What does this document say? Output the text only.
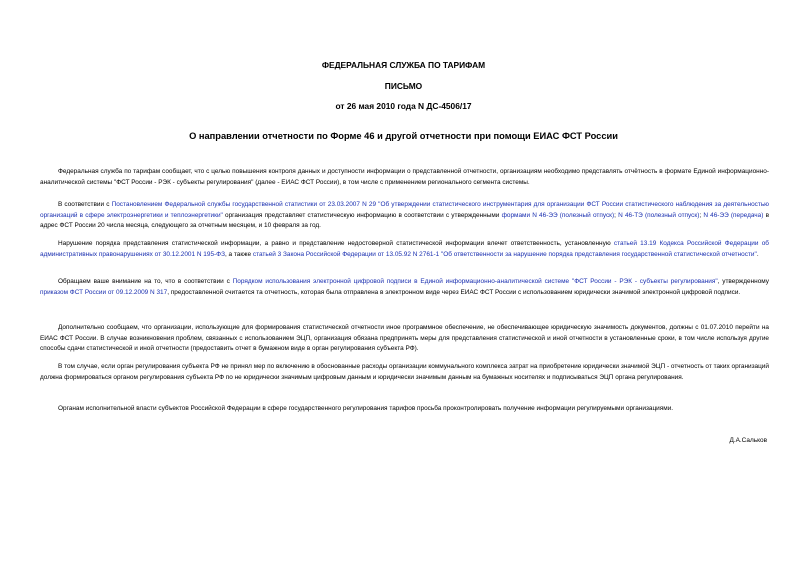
ФЕДЕРАЛЬНАЯ СЛУЖБА ПО ТАРИФАМ
ПИСЬМО
от 26 мая 2010 года N ДС-4506/17
О направлении отчетности по Форме 46 и другой отчетности при помощи ЕИАС ФСТ России

Федеральная служба по тарифам сообщает, что с целью повышения контроля данных и доступности информации о представленной отчетности, организациям необходимо представлять отчётность в формате Единой информационно-аналитической системы "ФСТ России - РЭК - субъекты регулирования" (далее - ЕИАС ФСТ России), в том числе с применением регионального сегмента системы.

В соответствии с Постановлением Федеральной службы государственной статистики от 23.03.2007 N 29 "Об утверждении статистического инструментария для организации ФСТ России статистического наблюдения за деятельностью организаций в сфере электроэнергетики и теплоэнергетики" организация представляет статистическую информацию в соответствии с утвержденными формами N 46-ЭЭ (полезный отпуск); N 46-ТЭ (полезный отпуск); N 46-ЭЭ (передача) в адрес ФСТ России 20 числа месяца, следующего за отчетным месяцем, и 10 февраля за год.

Нарушение порядка представления статистической информации, а равно и представление недостоверной статистической информации влечет ответственность, установленную статьей 13.19 Кодекса Российской Федерации об административных правонарушениях от 30.12.2001 N 195-ФЗ, а также статьей 3 Закона Российской Федерации от 13.05.92 N 2761-1 "Об ответственности за нарушение порядка представления государственной статистической отчетности".

Обращаем ваше внимание на то, что в соответствии с Порядком использования электронной цифровой подписи в Единой информационно-аналитической системе "ФСТ России - РЭК - субъекты регулирования", утвержденному приказом ФСТ России от 09.12.2009 N 317, предоставленной считается та отчетность, которая была отправлена в электронном виде через ЕИАС ФСТ России с использованием юридически значимой электронной цифровой подписи.

Дополнительно сообщаем, что организации, использующие для формирования статистической отчетности иное программное обеспечение, не обеспечивающее юридическую значимость документов, должны с 01.07.2010 перейти на ЕИАС ФСТ России. В случае возникновения проблем, связанных с использованием ЭЦП, организация обязана предпринять меры для представления статистической и иной отчетности в установленные сроки, в том числе используя другие способы сдачи статистической и иной отчетности (предоставить отчет в бумажном виде в орган регулирования субъекта РФ).

В том случае, если орган регулирования субъекта РФ не принял мер по включению в обоснованные расходы организации коммунального комплекса затрат на приобретение юридически значимой ЭЦП - отчетность от таких организаций должна формироваться органом регулирования субъекта РФ по не юридически значимым цифровым данным и юридически значимым данным на бумажных носителях и подписываться ЭЦП органа регулирования.

Органам исполнительной власти субъектов Российской Федерации в сфере государственного регулирования тарифов просьба проконтролировать получение информации регулируемыми организациями.

Д.А.Сальков
